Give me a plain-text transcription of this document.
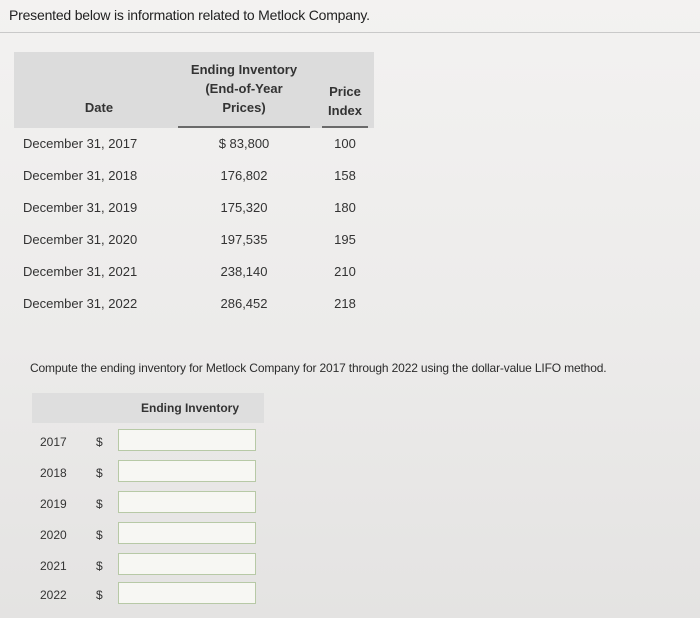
Presented below is information related to Metlock Company.
Date
Ending Inventory
(End-of-Year
Prices)
Price
Index
December 31, 2017	$ 83,800	100
December 31, 2018	176,802	158
December 31, 2019	175,320	180
December 31, 2020	197,535	195
December 31, 2021	238,140	210
December 31, 2022	286,452	218
Compute the ending inventory for Metlock Company for 2017 through 2022 using the dollar-value LIFO method.
Ending Inventory
2017 $
2018 $
2019 $
2020 $
2021 $
2022 $
